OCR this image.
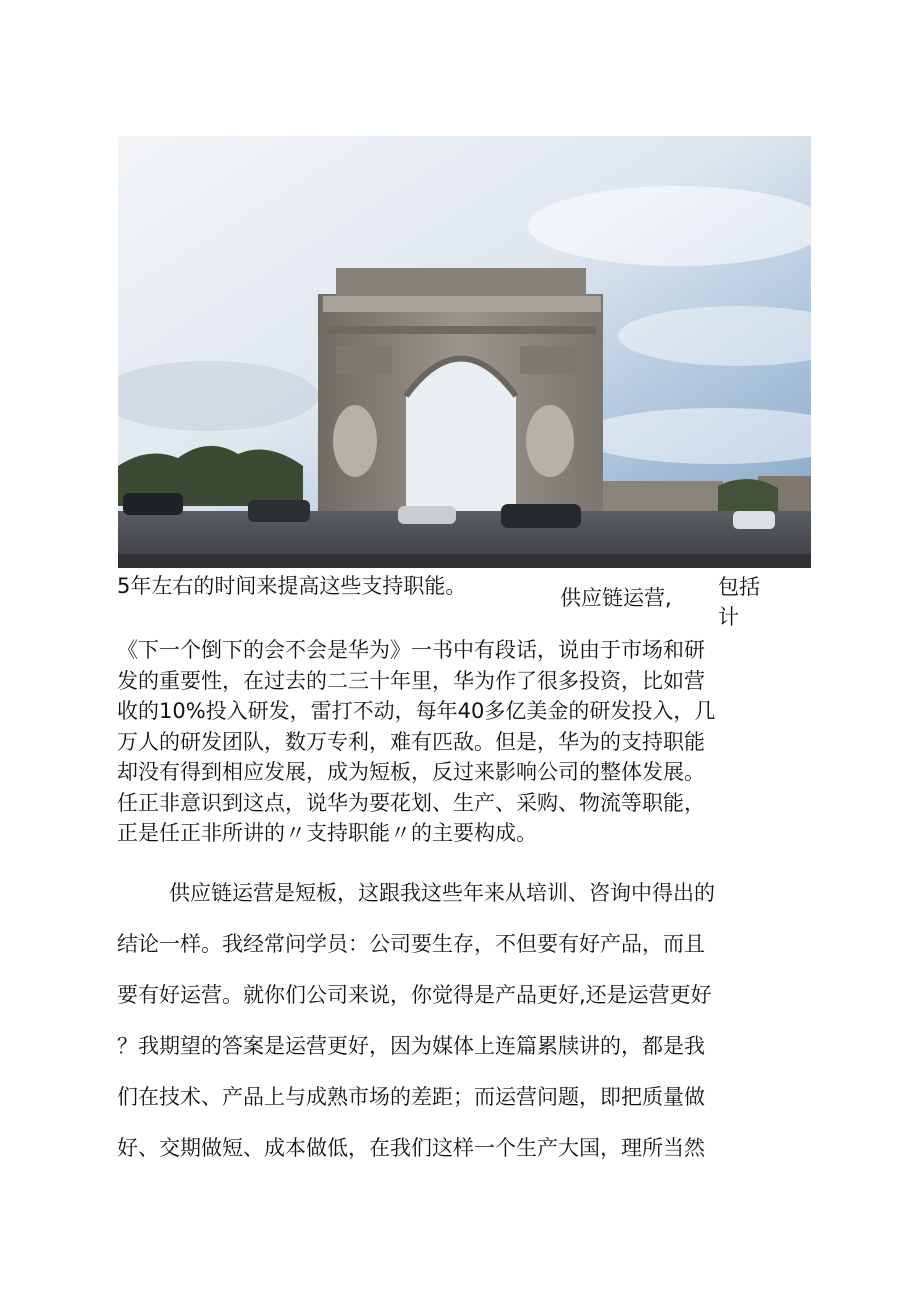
5年左右的时间来提高这些支持职能。	供应链运营, 包括
计

《下一个倒下的会不会是华为》一书中有段话，说由于市场和研
发的重要性，在过去的二三十年里，华为作了很多投资，比如营
收的10%投入研发，雷打不动，每年40多亿美金的研发投入，几
万人的研发团队，数万专利，难有匹敌。但是，华为的支持职能
却没有得到相应发展，成为短板，反过来影响公司的整体发展。
任正非意识到这点，说华为要花划、生产、采购、物流等职能，
正是任正非所讲的〃支持职能〃的主要构成。

供应链运营是短板，这跟我这些年来从培训、咨询中得出的
结论一样。我经常问学员：公司要生存，不但要有好产品，而且
要有好运营。就你们公司来说，你觉得是产品更好,还是运营更好
？我期望的答案是运营更好，因为媒体上连篇累牍讲的，都是我
们在技术、产品上与成熟市场的差距；而运营问题，即把质量做
好、交期做短、成本做低，在我们这样一个生产大国，理所当然
